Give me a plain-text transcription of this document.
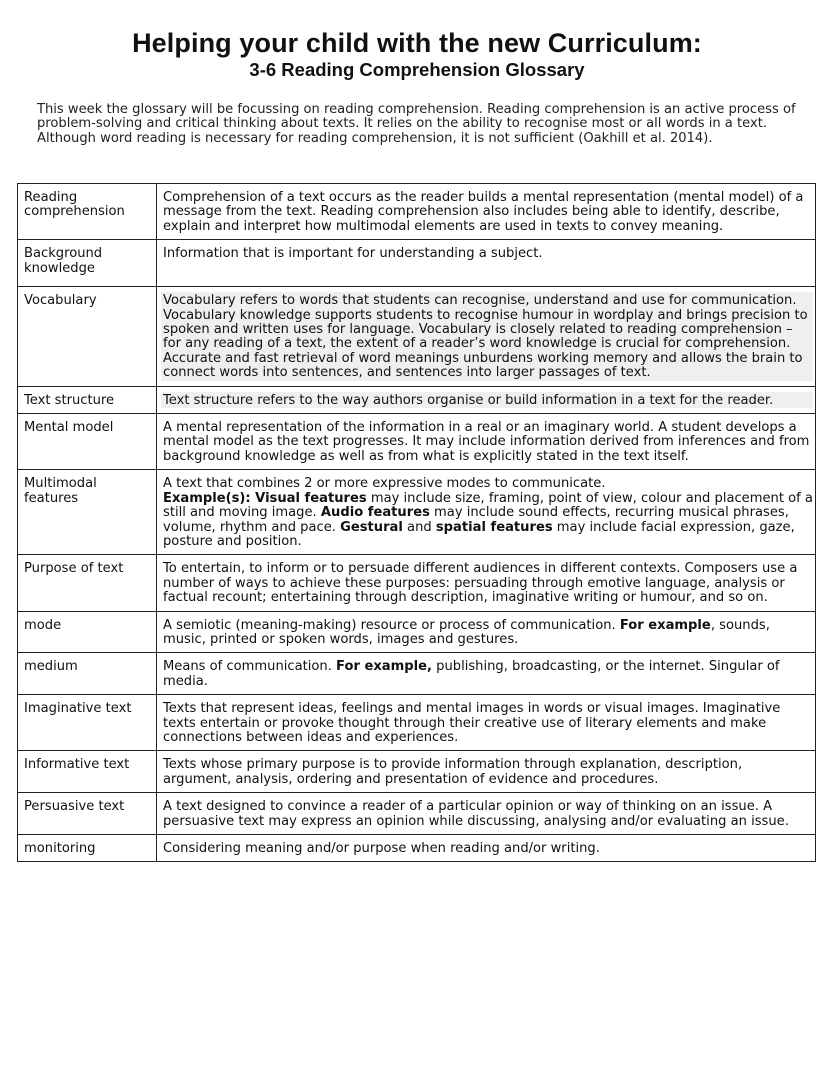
Helping your child with the new Curriculum:
3-6 Reading Comprehension Glossary

This week the glossary will be focussing on reading comprehension. Reading comprehension is an active process of problem-solving and critical thinking about texts. It relies on the ability to recognise most or all words in a text. Although word reading is necessary for reading comprehension, it is not sufficient (Oakhill et al. 2014).

Reading comprehension	Comprehension of a text occurs as the reader builds a mental representation (mental model) of a message from the text. Reading comprehension also includes being able to identify, describe, explain and interpret how multimodal elements are used in texts to convey meaning.
Background knowledge	Information that is important for understanding a subject.
Vocabulary	Vocabulary refers to words that students can recognise, understand and use for communication. Vocabulary knowledge supports students to recognise humour in wordplay and brings precision to spoken and written uses for language. Vocabulary is closely related to reading comprehension – for any reading of a text, the extent of a reader’s word knowledge is crucial for comprehension. Accurate and fast retrieval of word meanings unburdens working memory and allows the brain to connect words into sentences, and sentences into larger passages of text.

Text structure	Text structure refers to the way authors organise or build information in a text for the reader.

Mental model	A mental representation of the information in a real or an imaginary world. A student develops a mental model as the text progresses. It may include information derived from inferences and from background knowledge as well as from what is explicitly stated in the text itself.
Multimodal features	A text that combines 2 or more expressive modes to communicate.
Example(s): Visual features may include size, framing, point of view, colour and placement of a still and moving image. Audio features may include sound effects, recurring musical phrases, volume, rhythm and pace. Gestural and spatial features may include facial expression, gaze, posture and position.
Purpose of text	To entertain, to inform or to persuade different audiences in different contexts. Composers use a number of ways to achieve these purposes: persuading through emotive language, analysis or factual recount; entertaining through description, imaginative writing or humour, and so on.
mode	A semiotic (meaning-making) resource or process of communication. For example, sounds, music, printed or spoken words, images and gestures.
medium	Means of communication. For example, publishing, broadcasting, or the internet. Singular of media.
Imaginative text	Texts that represent ideas, feelings and mental images in words or visual images. Imaginative texts entertain or provoke thought through their creative use of literary elements and make connections between ideas and experiences.
Informative text	Texts whose primary purpose is to provide information through explanation, description, argument, analysis, ordering and presentation of evidence and procedures.
Persuasive text	A text designed to convince a reader of a particular opinion or way of thinking on an issue. A persuasive text may express an opinion while discussing, analysing and/or evaluating an issue.
monitoring	Considering meaning and/or purpose when reading and/or writing.
